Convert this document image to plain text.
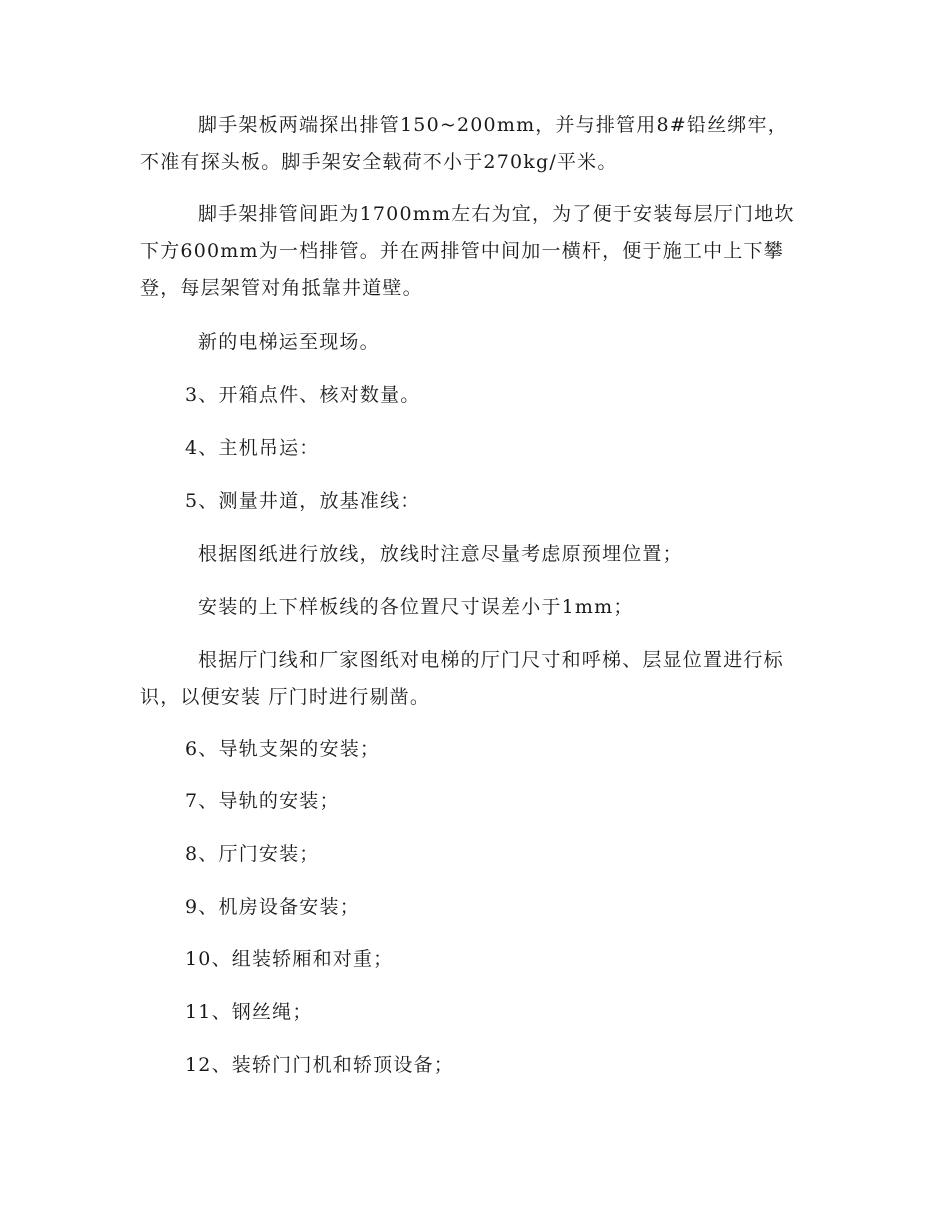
脚手架板两端探出排管150~200mm，并与排管用8#铅丝绑牢，不准有探头板。脚手架安全载荷不小于270kg/平米。

脚手架排管间距为1700mm左右为宜，为了便于安装每层厅门地坎下方600mm为一档排管。并在两排管中间加一横杆，便于施工中上下攀登，每层架管对角抵靠井道壁。

新的电梯运至现场。

3、开箱点件、核对数量。

4、主机吊运：

5、测量井道，放基准线：

根据图纸进行放线，放线时注意尽量考虑原预埋位置；

安装的上下样板线的各位置尺寸误差小于1mm；

根据厅门线和厂家图纸对电梯的厅门尺寸和呼梯、层显位置进行标识，以便安装 厅门时进行剔凿。

6、导轨支架的安装；

7、导轨的安装；

8、厅门安装；

9、机房设备安装；

10、组装轿厢和对重；

11、钢丝绳；

12、装轿门门机和轿顶设备；
